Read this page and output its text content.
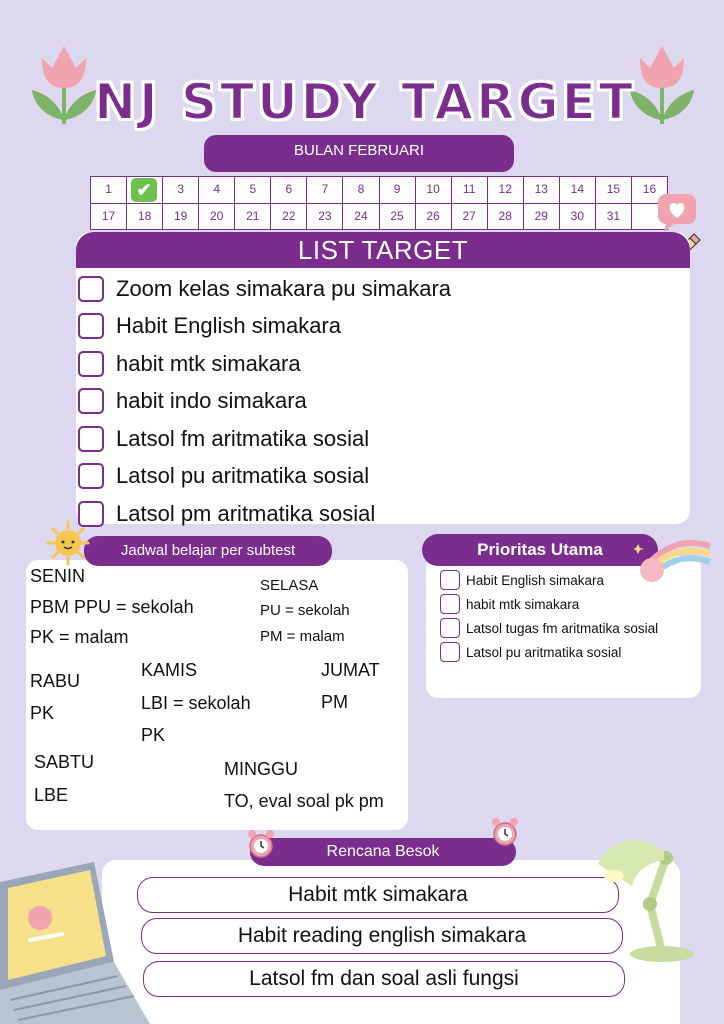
NJ STUDY TARGET
BULAN FEBRUARI
1	✔	3	4	5	6	7	8	9	10	11	12	13	14	15	16
17	18	19	20	21	22	23	24	25	26	27	28	29	30	31
LIST TARGET
Zoom kelas simakara pu simakara
Habit English simakara
habit mtk simakara
habit indo simakara
Latsol fm aritmatika sosial
Latsol pu aritmatika sosial
Latsol pm aritmatika sosial
Jadwal belajar per subtest
SENIN
PBM PPU = sekolah
PK = malam
SELASA
PU = sekolah
PM = malam
RABU
PK
KAMIS
LBI = sekolah
PK
JUMAT
PM
SABTU
LBE
MINGGU
TO, eval soal pk pm
Prioritas Utama
Habit English simakara
habit mtk simakara
Latsol tugas fm aritmatika sosial
Latsol pu aritmatika sosial
Rencana Besok
Habit mtk simakara
Habit reading english simakara
Latsol fm dan soal asli fungsi
